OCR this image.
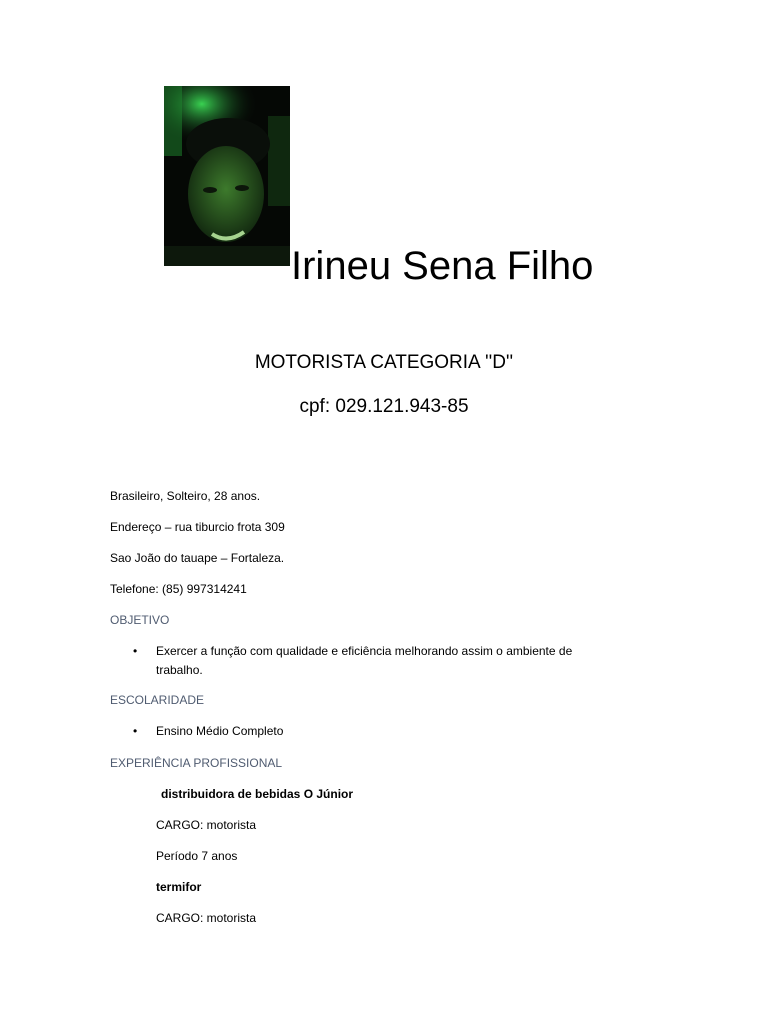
Irineu Sena Filho
MOTORISTA CATEGORIA ''D''
cpf: 029.121.943-85
Brasileiro, Solteiro, 28 anos.
Endereço – rua tiburcio frota 309
Sao João do tauape – Fortaleza.
Telefone: (85) 997314241
OBJETIVO
• Exercer a função com qualidade e eficiência melhorando assim o ambiente de
trabalho.
ESCOLARIDADE
• Ensino Médio Completo
EXPERIÊNCIA PROFISSIONAL
distribuidora de bebidas O Júnior
CARGO: motorista
Período 7 anos
termifor
CARGO: motorista
